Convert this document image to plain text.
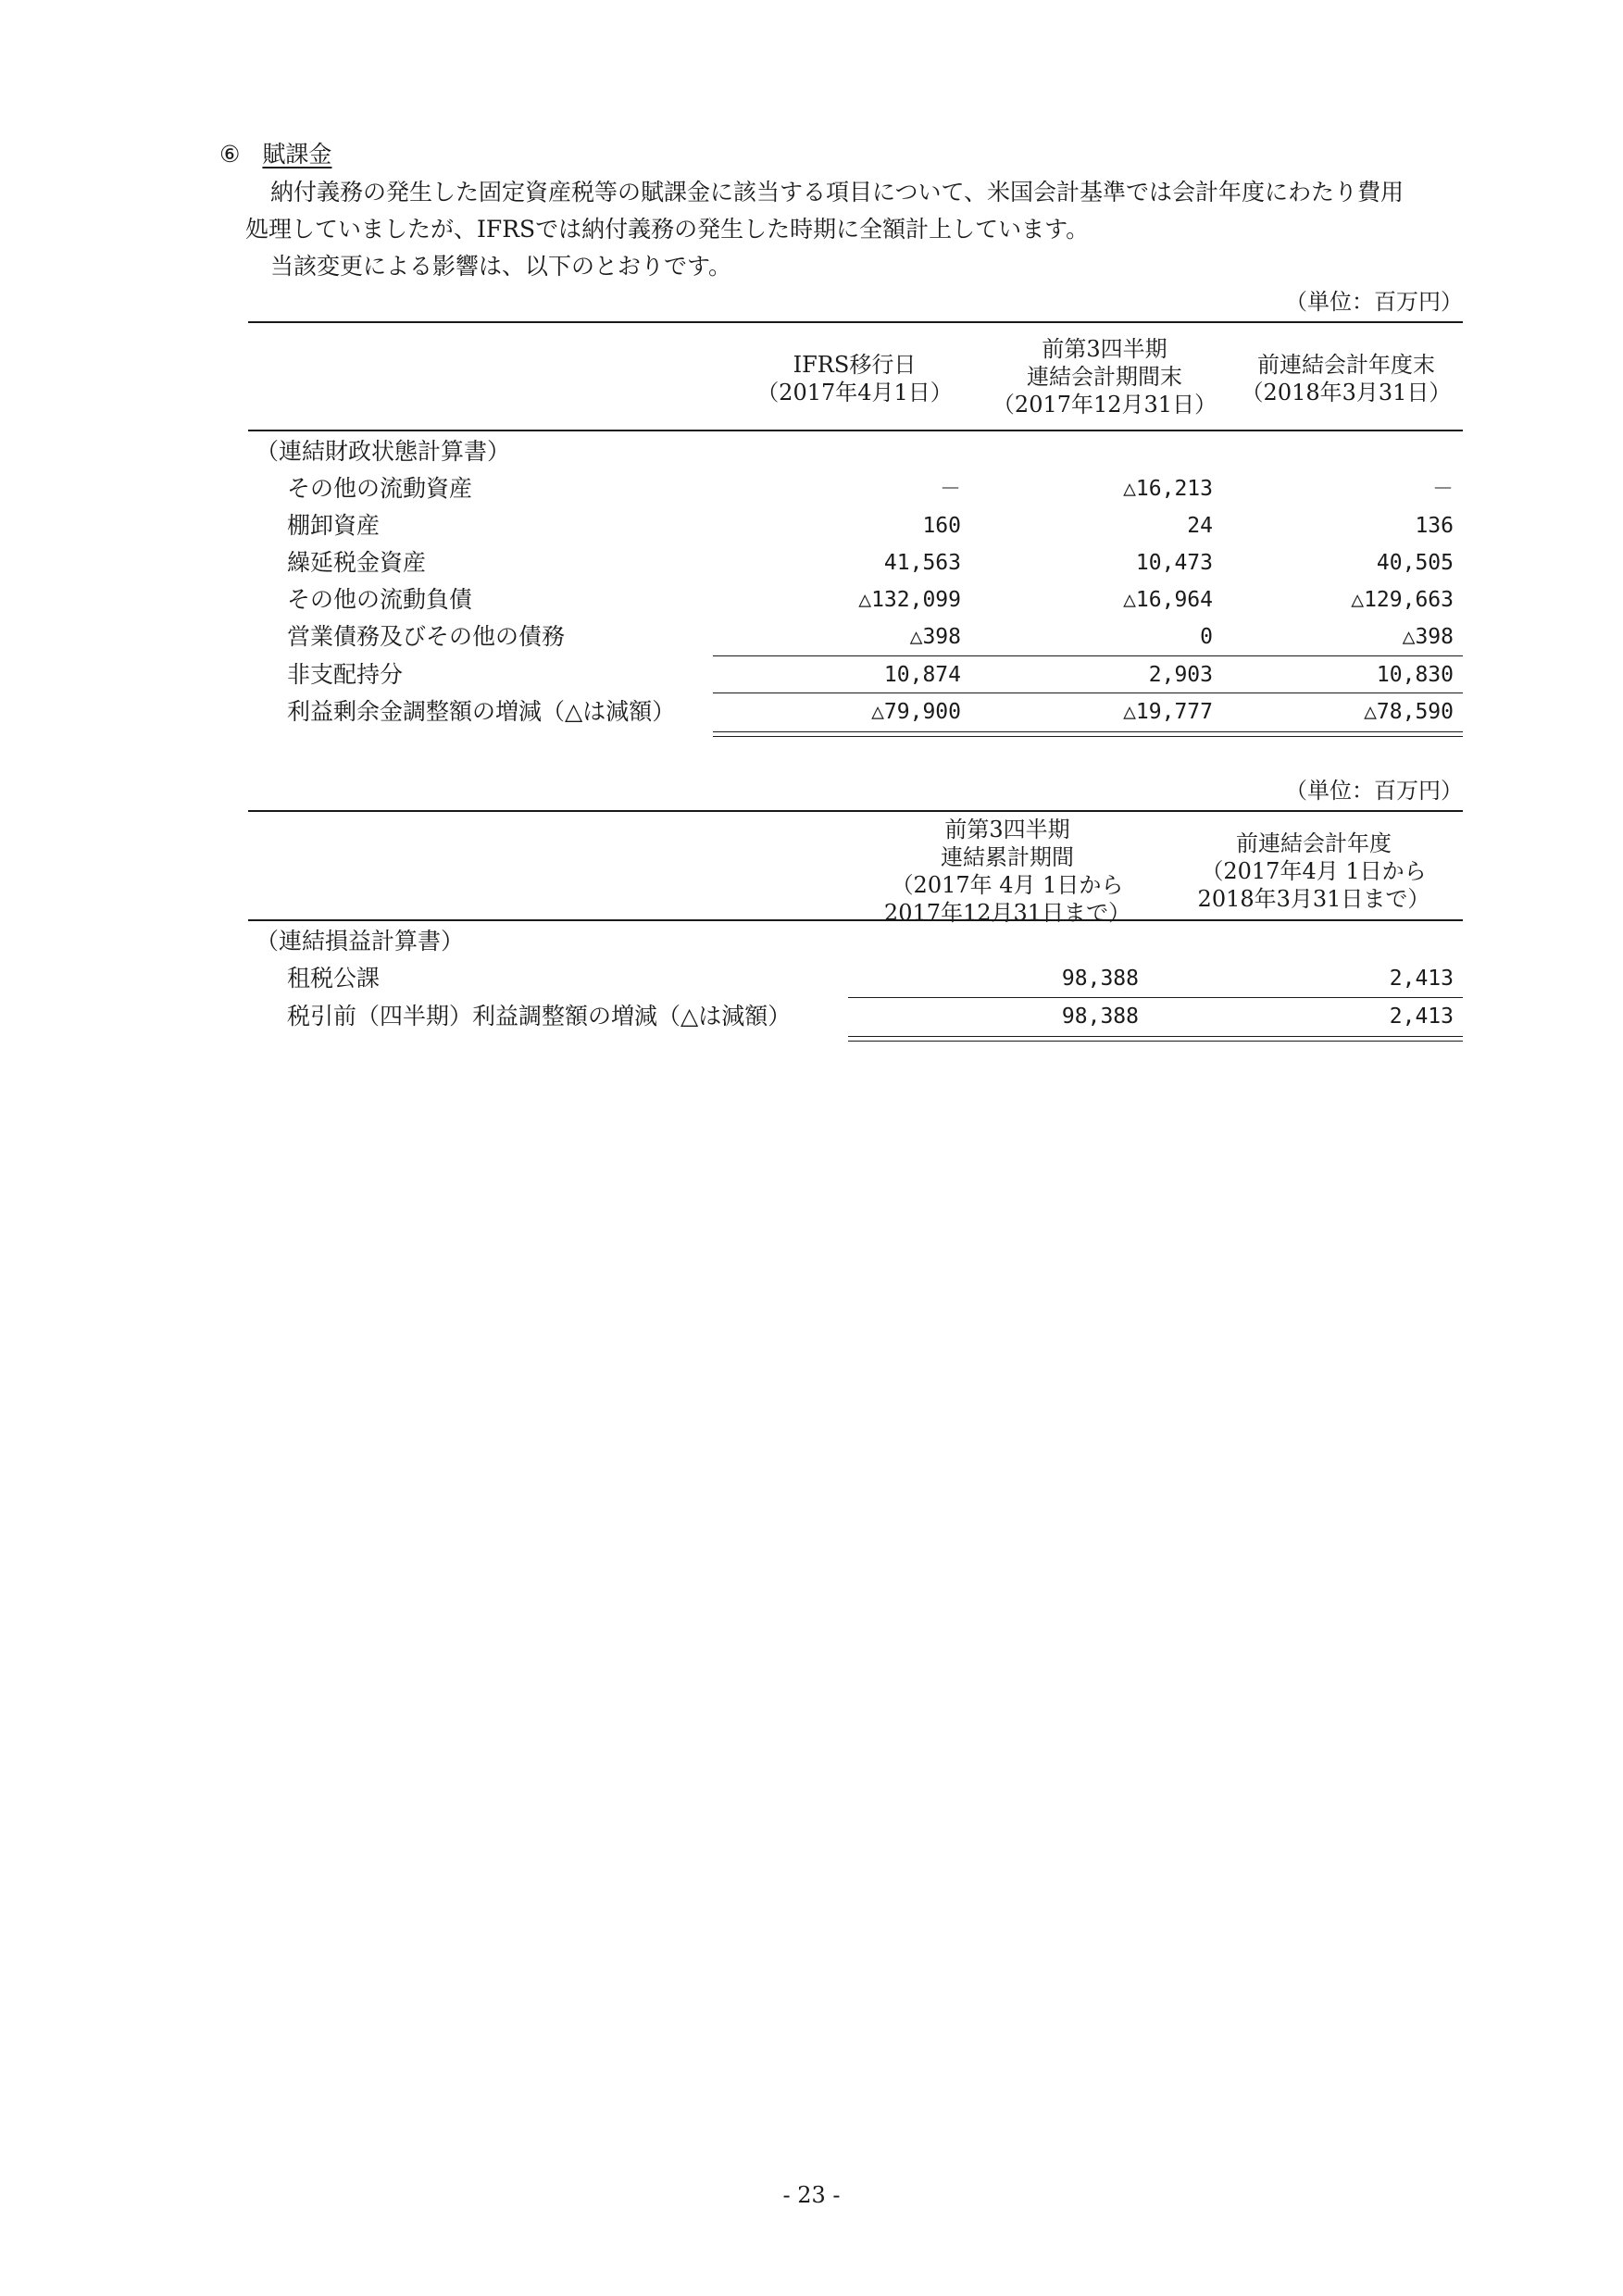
⑥ 賦課金
納付義務の発生した固定資産税等の賦課金に該当する項目について、米国会計基準では会計年度にわたり費用
処理していましたが、IFRSでは納付義務の発生した時期に全額計上しています。
当該変更による影響は、以下のとおりです。
（単位：百万円）
IFRS移行日
（2017年4月1日）
前第3四半期
連結会計期間末
（2017年12月31日）
前連結会計年度末
（2018年3月31日）
（連結財政状態計算書）
その他の流動資産	－	△16,213	－
棚卸資産	160	24	136
繰延税金資産	41,563	10,473	40,505
その他の流動負債	△132,099	△16,964	△129,663
営業債務及びその他の債務	△398	0	△398
非支配持分	10,874	2,903	10,830
利益剰余金調整額の増減（△は減額）	△79,900	△19,777	△78,590
（単位：百万円）
前第3四半期
連結累計期間
（2017年 4月 1日から
2017年12月31日まで）
前連結会計年度
（2017年4月 1日から
2018年3月31日まで）
（連結損益計算書）
租税公課	98,388	2,413
税引前（四半期）利益調整額の増減（△は減額）	98,388	2,413
- 23 -
